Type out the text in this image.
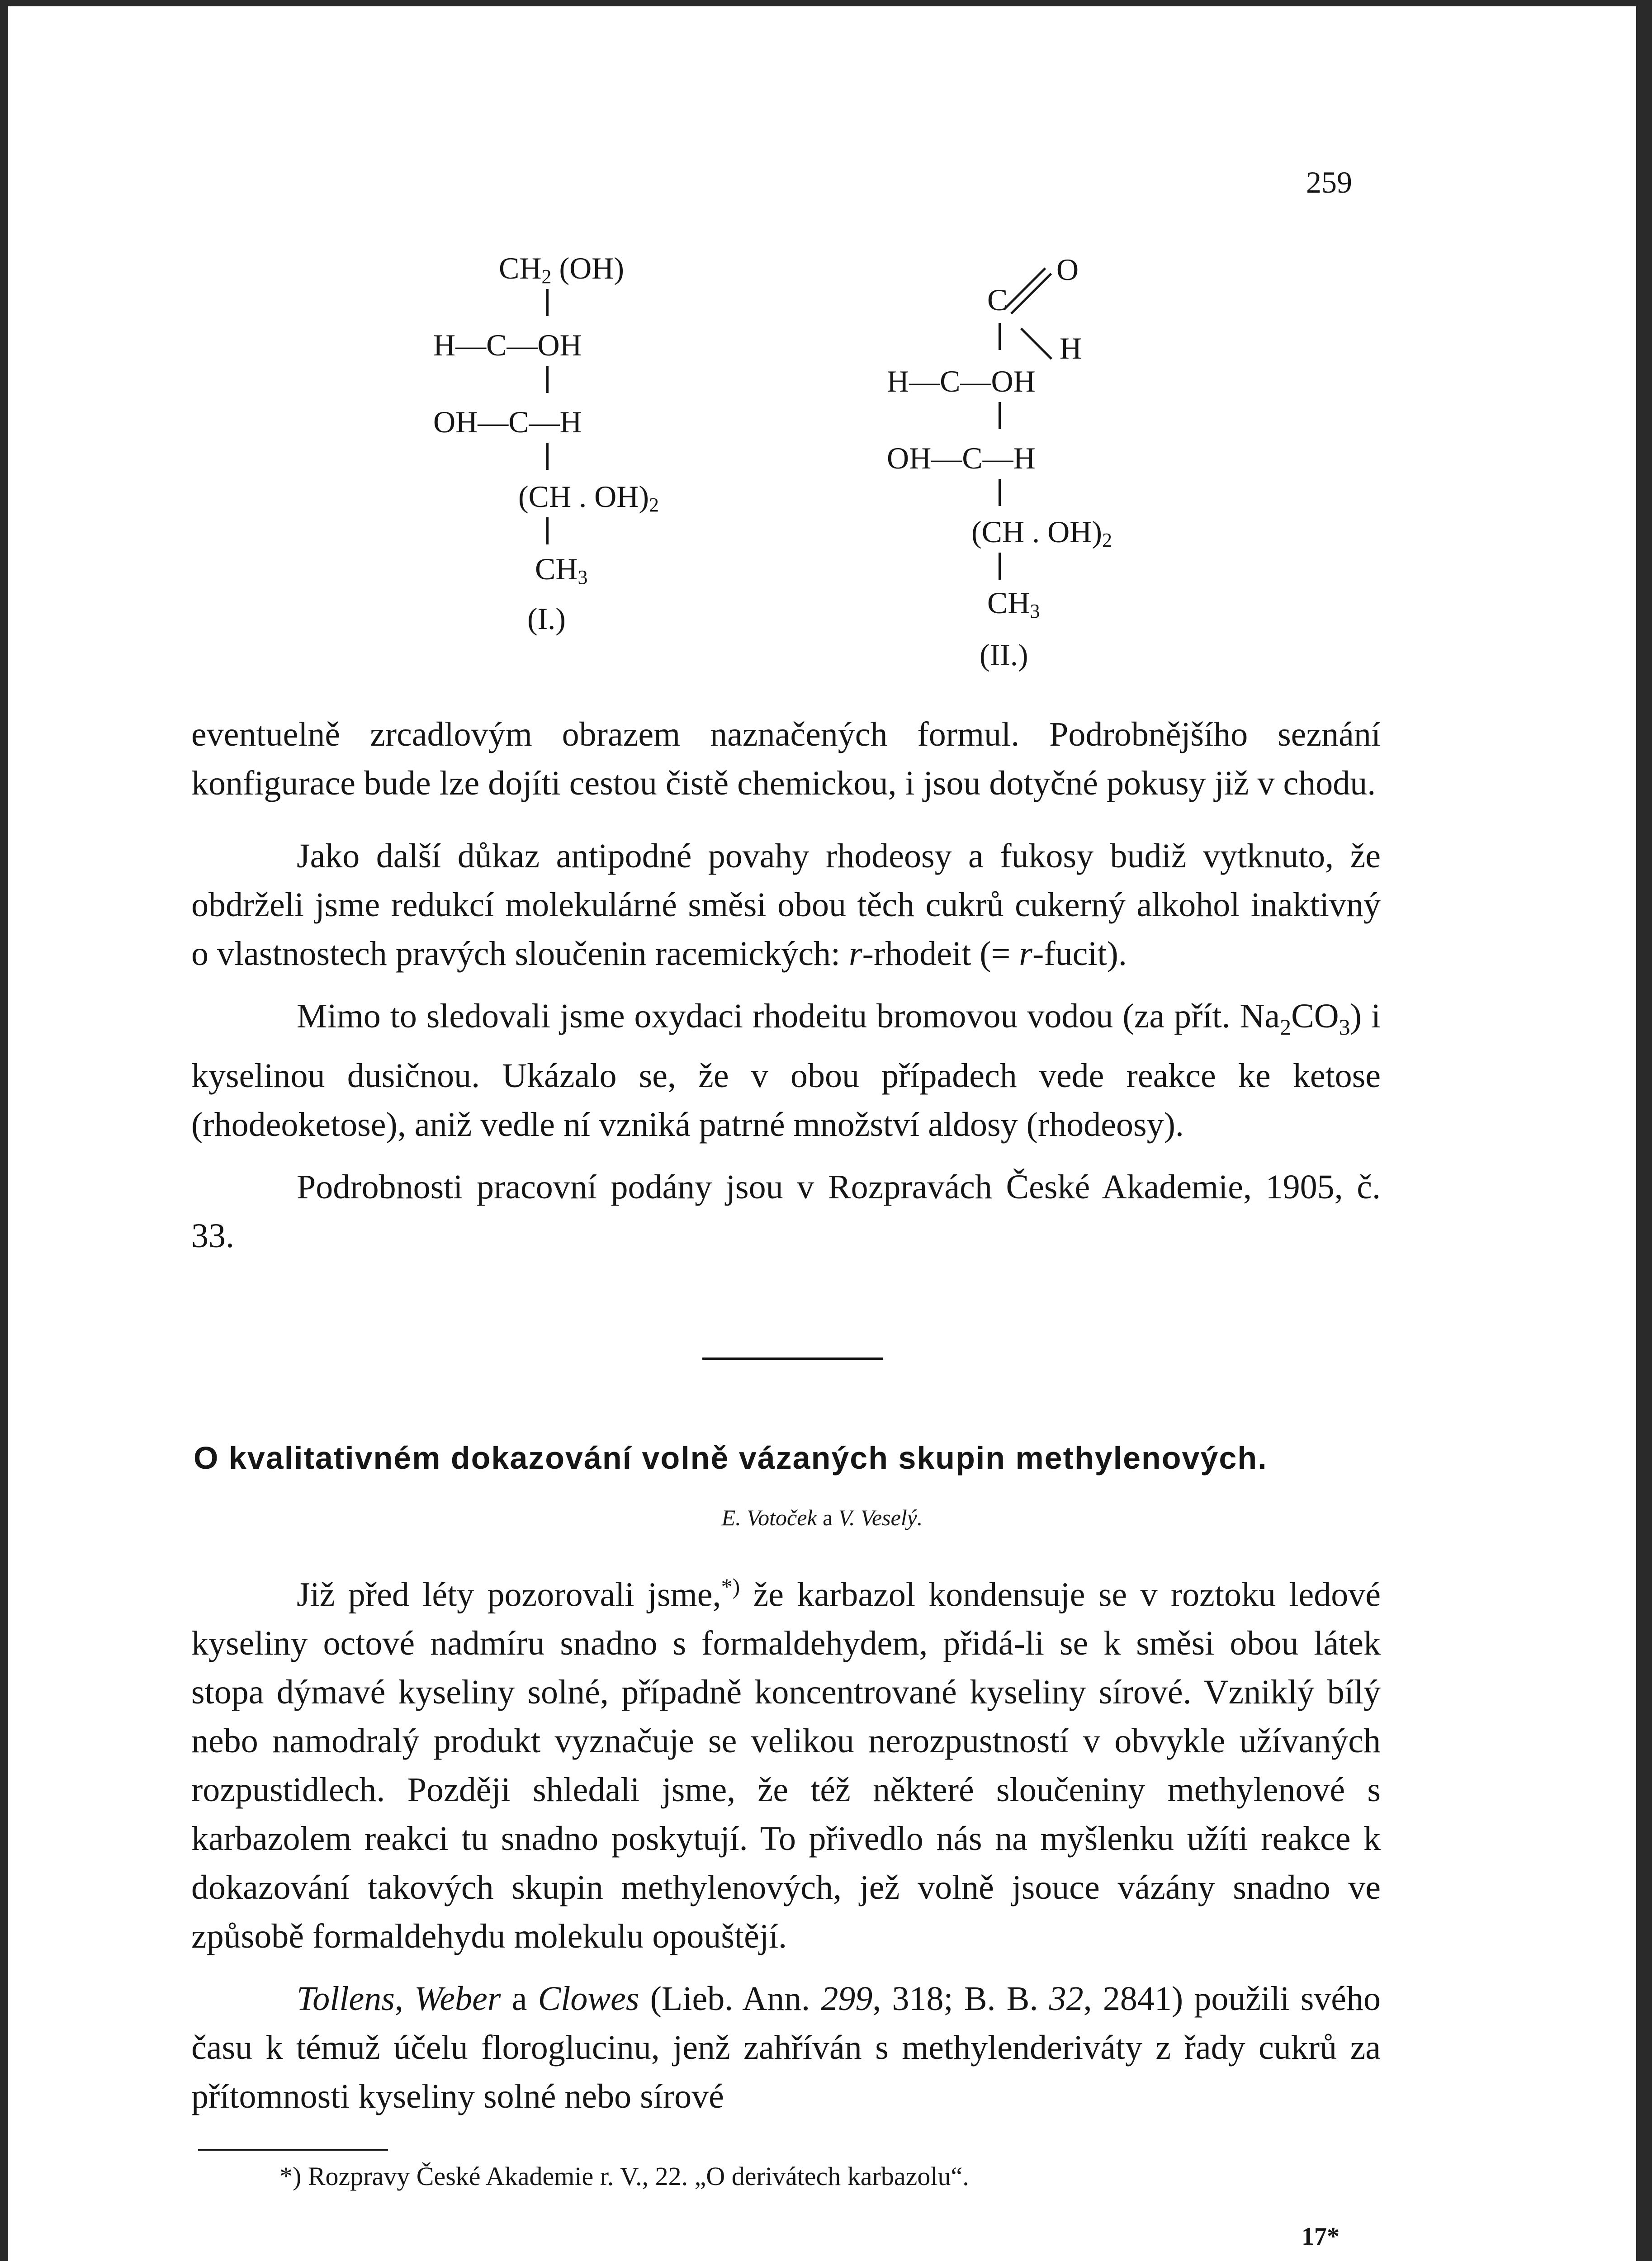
259
$CH_2$ (OH)
H—C—OH
OH—C—H
(CH . $OH)_2$
$CH_3$
(I.)
C
O
H
H—C—OH
OH—C—H
(CH . $OH)_2$
$CH_3$
(II.)

eventuelně zrcadlovým obrazem naznačených formul. Podrobnějšího seznání konfigurace bude lze dojíti cestou čistě chemickou, i jsou dotyčné pokusy již v chodu.

Jako další důkaz antipodné povahy rhodeosy a fukosy budiž vytknuto, že obdrželi jsme redukcí molekulárné směsi obou těch cukrů cukerný alkohol inaktivný o vlastnostech pravých sloučenin racemických: r-rhodeit (= r-fucit).

Mimo to sledovali jsme oxydaci rhodeitu bromovou vodou (za přít. $Na_2CO_3$) i kyselinou dusičnou. Ukázalo se, že v obou případech vede reakce ke ketose (rhodeoketose), aniž vedle ní vzniká patrné množství aldosy (rhodeosy).

Podrobnosti pracovní podány jsou v Rozpravách České Akademie, 1905, č. 33.

O kvalitativném dokazování volně vázaných skupin methylenových.
E. Votoček a V. Veselý.

Již před léty pozorovali jsme,*) že karbazol kondensuje se v roztoku ledové kyseliny octové nadmíru snadno s formaldehydem, přidá-li se k směsi obou látek stopa dýmavé kyseliny solné, případně koncentrované kyseliny sírové. Vzniklý bílý nebo namodralý produkt vyznačuje se velikou nerozpustností v obvykle užívaných rozpustidlech. Později shledali jsme, že též některé sloučeniny methylenové s karbazolem reakci tu snadno poskytují. To přivedlo nás na myšlenku užíti reakce k dokazování takových skupin methylenových, jež volně jsouce vázány snadno ve způsobě formaldehydu molekulu opouštějí.

Tollens, Weber a Clowes (Lieb. Ann. 299, 318; B. B. 32, 2841) použili svého času k témuž účelu floroglucinu, jenž zahříván s methylenderiváty z řady cukrů za přítomnosti kyseliny solné nebo sírové

*) Rozpravy České Akademie r. V., 22. „O derivátech karbazolu“.
17*
